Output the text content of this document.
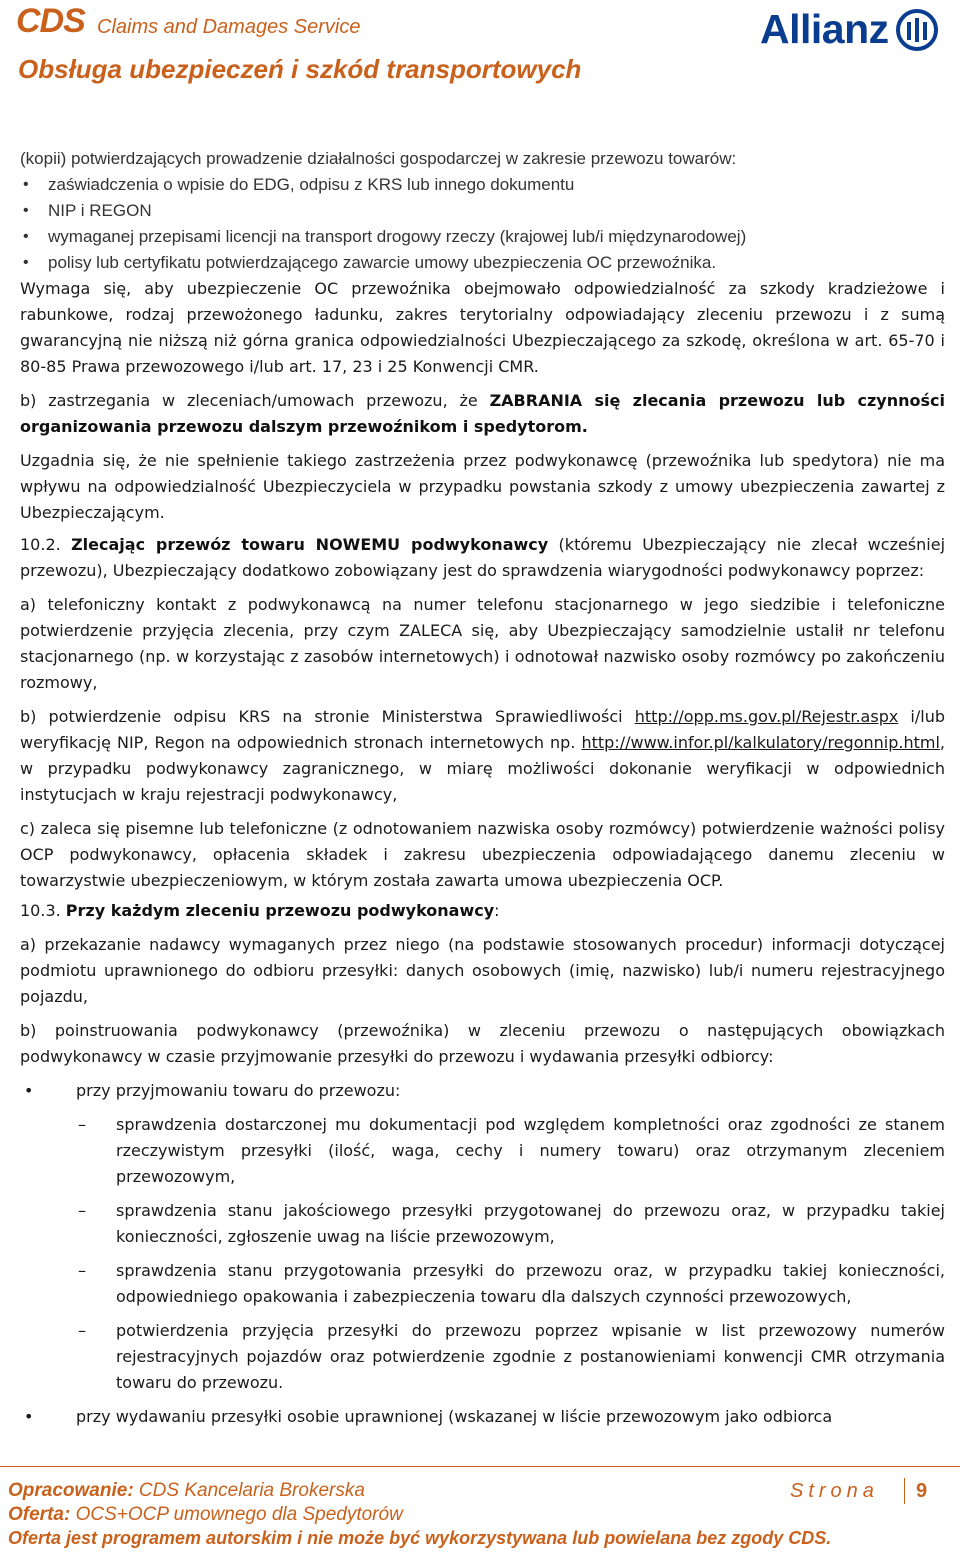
CDS Claims and Damages Service
Obsługa ubezpieczeń i szkód transportowych
Allianz

(kopii) potwierdzających prowadzenie działalności gospodarczej w zakresie przewozu towarów:

• zaświadczenia o wpisie do EDG, odpisu z KRS lub innego dokumentu

• NIP i REGON

• wymaganej przepisami licencji na transport drogowy rzeczy (krajowej lub/i międzynarodowej)

• polisy lub certyfikatu potwierdzającego zawarcie umowy ubezpieczenia OC przewoźnika.

Wymaga się, aby ubezpieczenie OC przewoźnika obejmowało odpowiedzialność za szkody kradzieżowe i rabunkowe, rodzaj przewożonego ładunku, zakres terytorialny odpowiadający zleceniu przewozu i z sumą gwarancyjną nie niższą niż górna granica odpowiedzialności Ubezpieczającego za szkodę, określona w art. 65-70 i 80-85 Prawa przewozowego i/lub art. 17, 23 i 25 Konwencji CMR.

b) zastrzegania w zleceniach/umowach przewozu, że ZABRANIA się zlecania przewozu lub czynności organizowania przewozu dalszym przewoźnikom i spedytorom.

Uzgadnia się, że nie spełnienie takiego zastrzeżenia przez podwykonawcę (przewoźnika lub spedytora) nie ma wpływu na odpowiedzialność Ubezpieczyciela w przypadku powstania szkody z umowy ubezpieczenia zawartej z Ubezpieczającym.

10.2. Zlecając przewóz towaru NOWEMU podwykonawcy (któremu Ubezpieczający nie zlecał wcześniej przewozu), Ubezpieczający dodatkowo zobowiązany jest do sprawdzenia wiarygodności podwykonawcy poprzez:

a) telefoniczny kontakt z podwykonawcą na numer telefonu stacjonarnego w jego siedzibie i telefoniczne potwierdzenie przyjęcia zlecenia, przy czym ZALECA się, aby Ubezpieczający samodzielnie ustalił nr telefonu stacjonarnego (np. w korzystając z zasobów internetowych) i odnotował nazwisko osoby rozmówcy po zakończeniu rozmowy,

b) potwierdzenie odpisu KRS na stronie Ministerstwa Sprawiedliwości http://opp.ms.gov.pl/Rejestr.aspx i/lub weryfikację NIP, Regon na odpowiednich stronach internetowych np. http://www.infor.pl/kalkulatory/regonnip.html, w przypadku podwykonawcy zagranicznego, w miarę możliwości dokonanie weryfikacji w odpowiednich instytucjach w kraju rejestracji podwykonawcy,

c) zaleca się pisemne lub telefoniczne (z odnotowaniem nazwiska osoby rozmówcy) potwierdzenie ważności polisy OCP podwykonawcy, opłacenia składek i zakresu ubezpieczenia odpowiadającego danemu zleceniu w towarzystwie ubezpieczeniowym, w którym została zawarta umowa ubezpieczenia OCP.

10.3. Przy każdym zleceniu przewozu podwykonawcy:

a) przekazanie nadawcy wymaganych przez niego (na podstawie stosowanych procedur) informacji dotyczącej podmiotu uprawnionego do odbioru przesyłki: danych osobowych (imię, nazwisko) lub/i numeru rejestracyjnego pojazdu,

b) poinstruowania podwykonawcy (przewoźnika) w zleceniu przewozu o następujących obowiązkach podwykonawcy w czasie przyjmowanie przesyłki do przewozu i wydawania przesyłki odbiorcy:

• przy przyjmowaniu towaru do przewozu:

– sprawdzenia dostarczonej mu dokumentacji pod względem kompletności oraz zgodności ze stanem rzeczywistym przesyłki (ilość, waga, cechy i numery towaru) oraz otrzymanym zleceniem przewozowym,

– sprawdzenia stanu jakościowego przesyłki przygotowanej do przewozu oraz, w przypadku takiej konieczności, zgłoszenie uwag na liście przewozowym,

– sprawdzenia stanu przygotowania przesyłki do przewozu oraz, w przypadku takiej konieczności, odpowiedniego opakowania i zabezpieczenia towaru dla dalszych czynności przewozowych,

– potwierdzenia przyjęcia przesyłki do przewozu poprzez wpisanie w list przewozowy numerów rejestracyjnych pojazdów oraz potwierdzenie zgodnie z postanowieniami konwencji CMR otrzymania towaru do przewozu.

• przy wydawaniu przesyłki osobie uprawnionej (wskazanej w liście przewozowym jako odbiorca

Opracowanie: CDS Kancelaria Brokerska
Oferta: OCS+OCP umownego dla Spedytorów
Oferta jest programem autorskim i nie może być wykorzystywana lub powielana bez zgody CDS.
Strona 9
